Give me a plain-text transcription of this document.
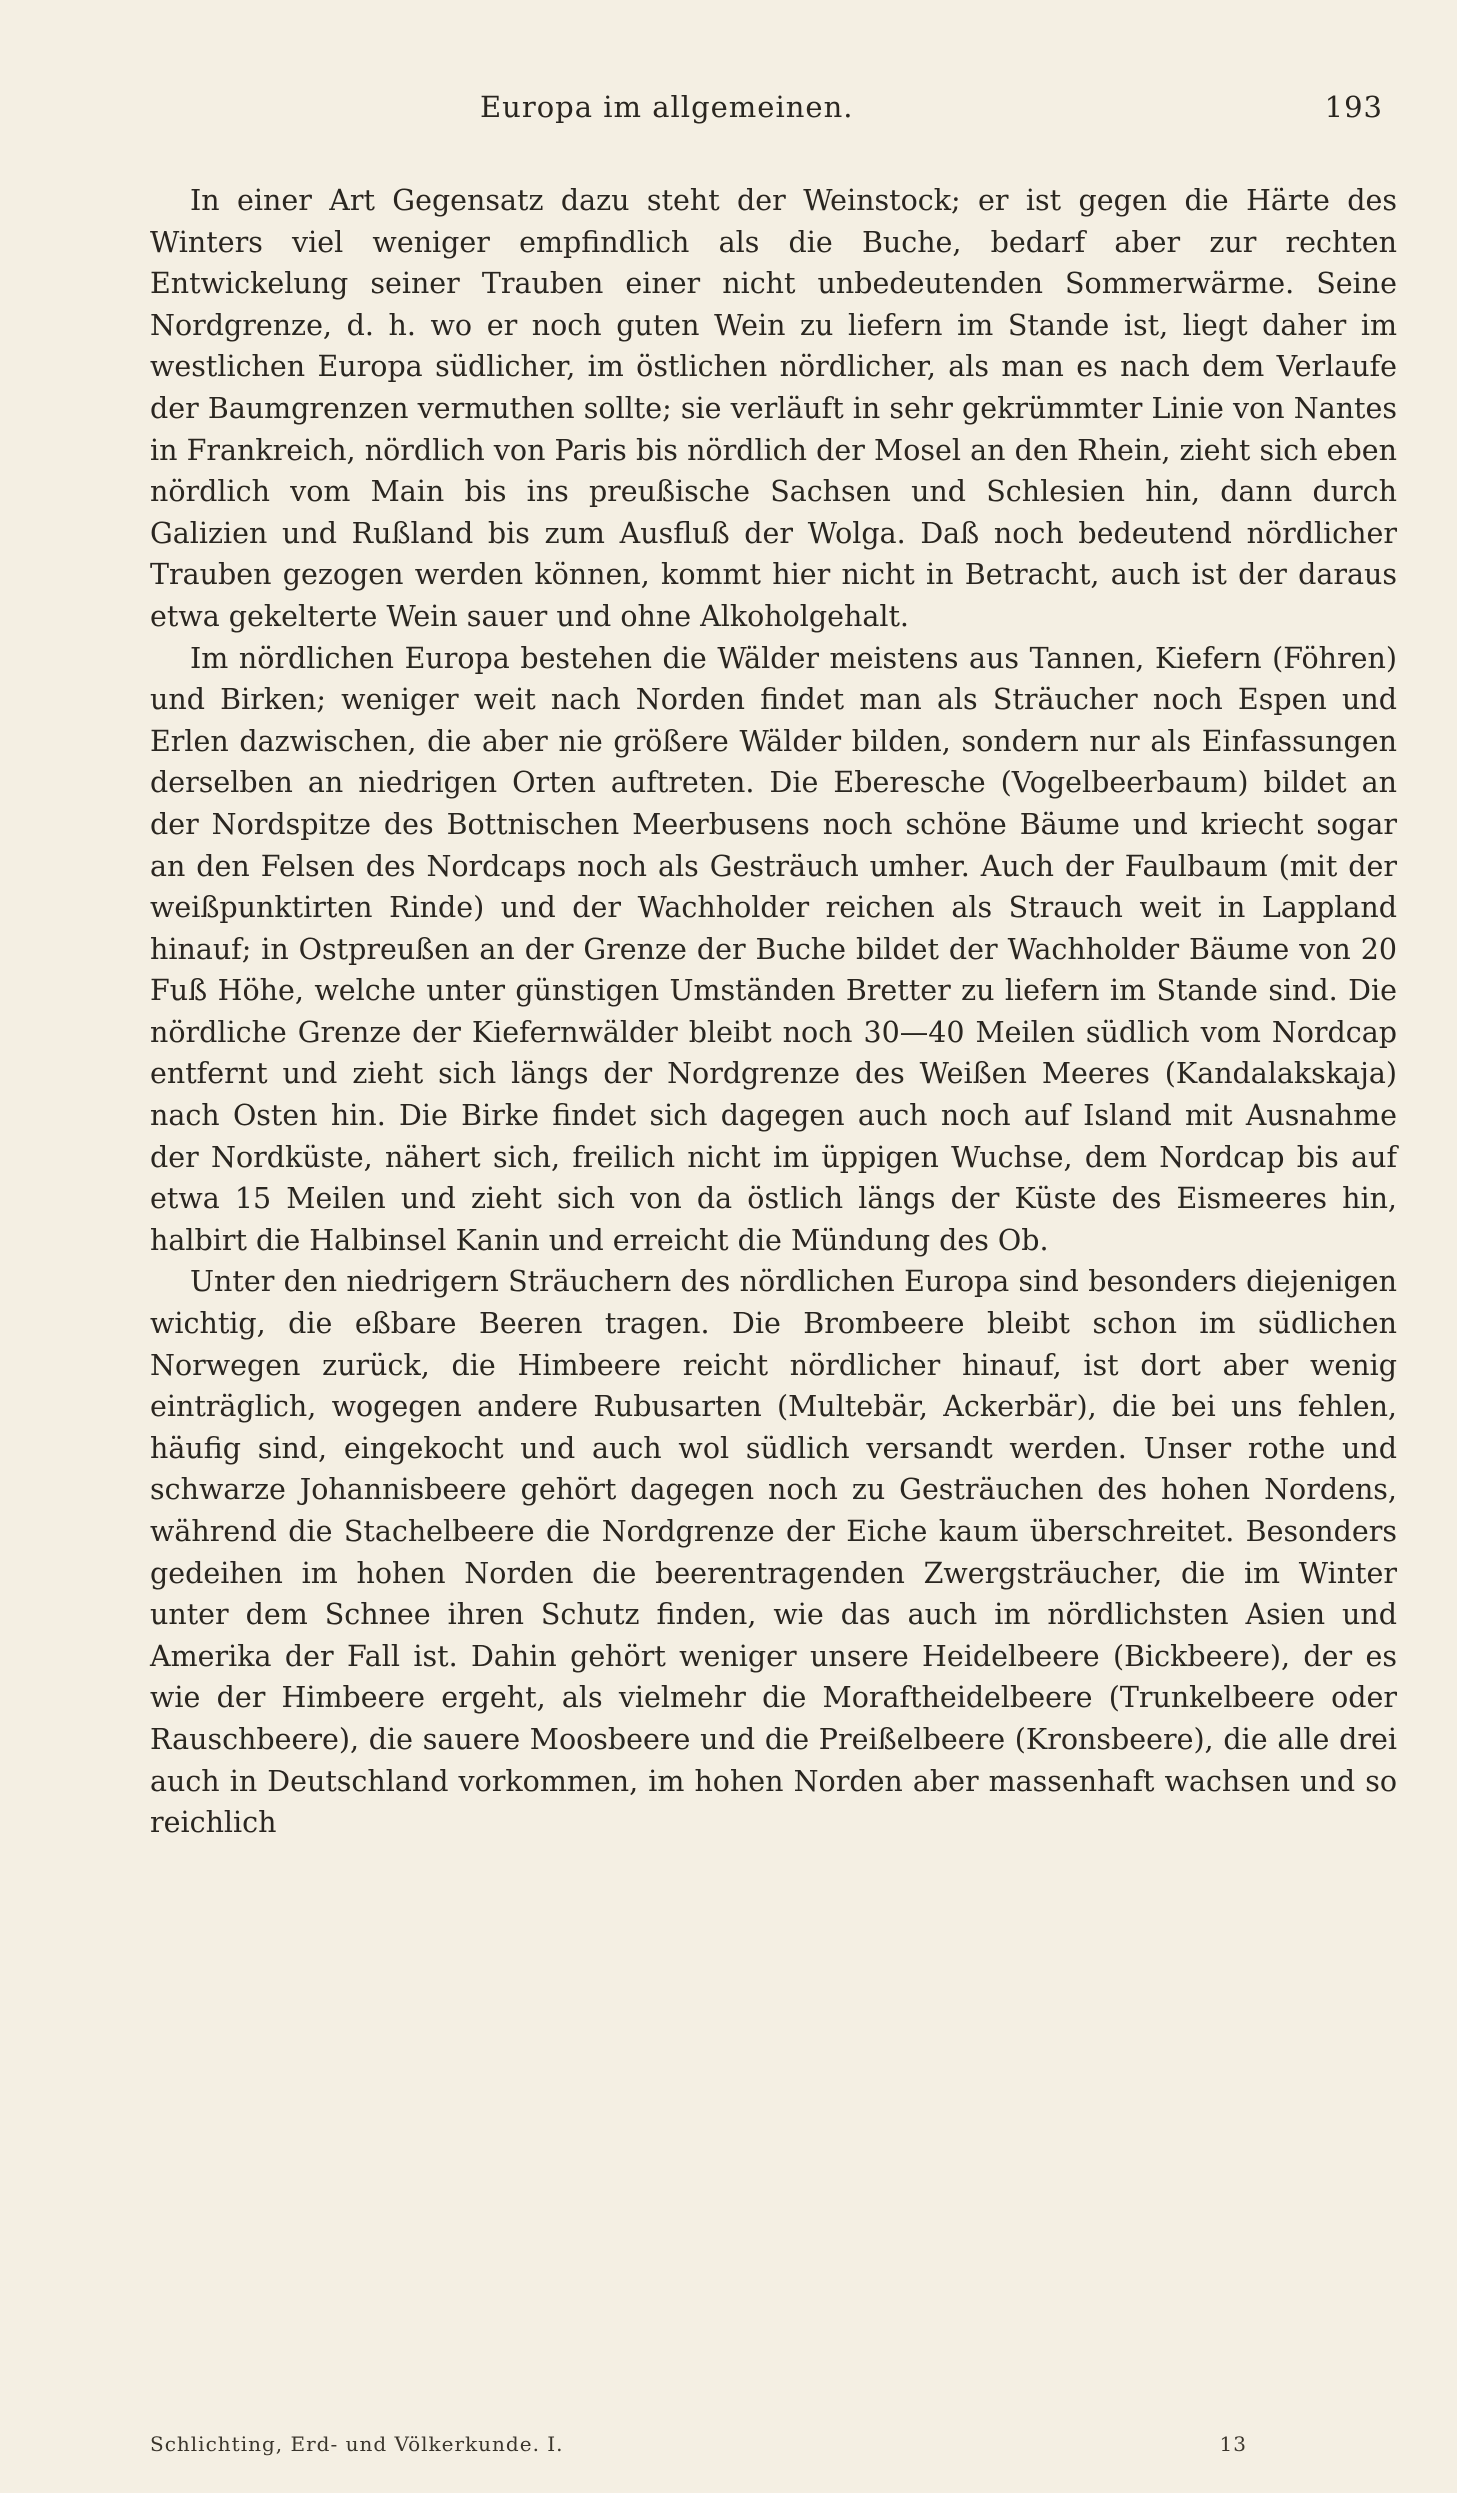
Europa im allgemeinen.	193

In einer Art Gegensatz dazu steht der Weinstock; er ist gegen die Härte des Winters viel weniger empfindlich als die Buche, bedarf aber zur rechten Entwickelung seiner Trauben einer nicht unbedeutenden Sommerwärme. Seine Nordgrenze, d. h. wo er noch guten Wein zu liefern im Stande ist, liegt daher im westlichen Europa südlicher, im östlichen nördlicher, als man es nach dem Verlaufe der Baumgrenzen vermuthen sollte; sie verläuft in sehr gekrümmter Linie von Nantes in Frankreich, nördlich von Paris bis nördlich der Mosel an den Rhein, zieht sich eben nördlich vom Main bis ins preußische Sachsen und Schlesien hin, dann durch Galizien und Rußland bis zum Ausfluß der Wolga. Daß noch bedeutend nördlicher Trauben gezogen werden können, kommt hier nicht in Betracht, auch ist der daraus etwa gekelterte Wein sauer und ohne Alkoholgehalt.

Im nördlichen Europa bestehen die Wälder meistens aus Tannen, Kiefern (Föhren) und Birken; weniger weit nach Norden findet man als Sträucher noch Espen und Erlen dazwischen, die aber nie größere Wälder bilden, sondern nur als Einfassungen derselben an niedrigen Orten auftreten. Die Eberesche (Vogelbeerbaum) bildet an der Nordspitze des Bottnischen Meerbusens noch schöne Bäume und kriecht sogar an den Felsen des Nordcaps noch als Gesträuch umher. Auch der Faulbaum (mit der weißpunktirten Rinde) und der Wachholder reichen als Strauch weit in Lappland hinauf; in Ostpreußen an der Grenze der Buche bildet der Wachholder Bäume von 20 Fuß Höhe, welche unter günstigen Umständen Bretter zu liefern im Stande sind. Die nördliche Grenze der Kiefernwälder bleibt noch 30—40 Meilen südlich vom Nordcap entfernt und zieht sich längs der Nordgrenze des Weißen Meeres (Kandalakskaja) nach Osten hin. Die Birke findet sich dagegen auch noch auf Island mit Ausnahme der Nordküste, nähert sich, freilich nicht im üppigen Wuchse, dem Nordcap bis auf etwa 15 Meilen und zieht sich von da östlich längs der Küste des Eismeeres hin, halbirt die Halbinsel Kanin und erreicht die Mündung des Ob.

Unter den niedrigern Sträuchern des nördlichen Europa sind besonders diejenigen wichtig, die eßbare Beeren tragen. Die Brombeere bleibt schon im südlichen Norwegen zurück, die Himbeere reicht nördlicher hinauf, ist dort aber wenig einträglich, wogegen andere Rubusarten (Multebär, Ackerbär), die bei uns fehlen, häufig sind, eingekocht und auch wol südlich versandt werden. Unser rothe und schwarze Johannisbeere gehört dagegen noch zu Gesträuchen des hohen Nordens, während die Stachelbeere die Nordgrenze der Eiche kaum überschreitet. Besonders gedeihen im hohen Norden die beerentragenden Zwergsträucher, die im Winter unter dem Schnee ihren Schutz finden, wie das auch im nördlichsten Asien und Amerika der Fall ist. Dahin gehört weniger unsere Heidelbeere (Bickbeere), der es wie der Himbeere ergeht, als vielmehr die Moraftheidelbeere (Trunkelbeere oder Rauschbeere), die sauere Moosbeere und die Preißelbeere (Kronsbeere), die alle drei auch in Deutschland vorkommen, im hohen Norden aber massenhaft wachsen und so reichlich

Schlichting, Erd- und Völkerkunde. I.	13
